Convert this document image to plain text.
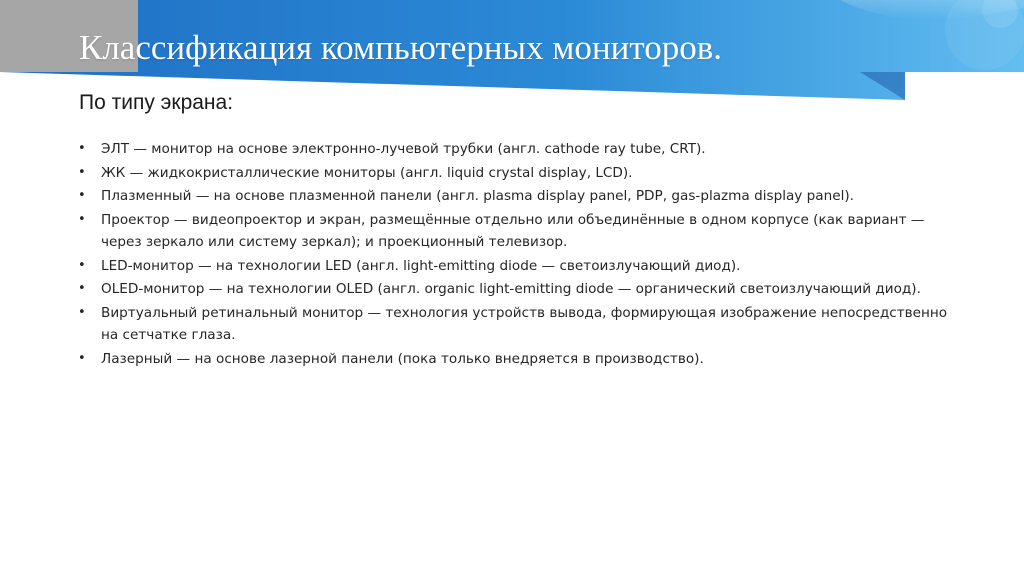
Классификация компьютерных мониторов.
По типу экрана:
• ЭЛТ — монитор на основе электронно-лучевой трубки (англ. cathode ray tube, CRT).
• ЖК — жидкокристаллические мониторы (англ. liquid crystal display, LCD).
• Плазменный — на основе плазменной панели (англ. plasma display panel, PDP, gas-plazma display panel).
• Проектор — видеопроектор и экран, размещённые отдельно или объединённые в одном корпусе (как вариант — через зеркало или систему зеркал); и проекционный телевизор.
• LED-монитор — на технологии LED (англ. light-emitting diode — светоизлучающий диод).
• OLED-монитор — на технологии OLED (англ. organic light-emitting diode — органический светоизлучающий диод).
• Виртуальный ретинальный монитор — технология устройств вывода, формирующая изображение непосредственно на сетчатке глаза.
• Лазерный — на основе лазерной панели (пока только внедряется в производство).
